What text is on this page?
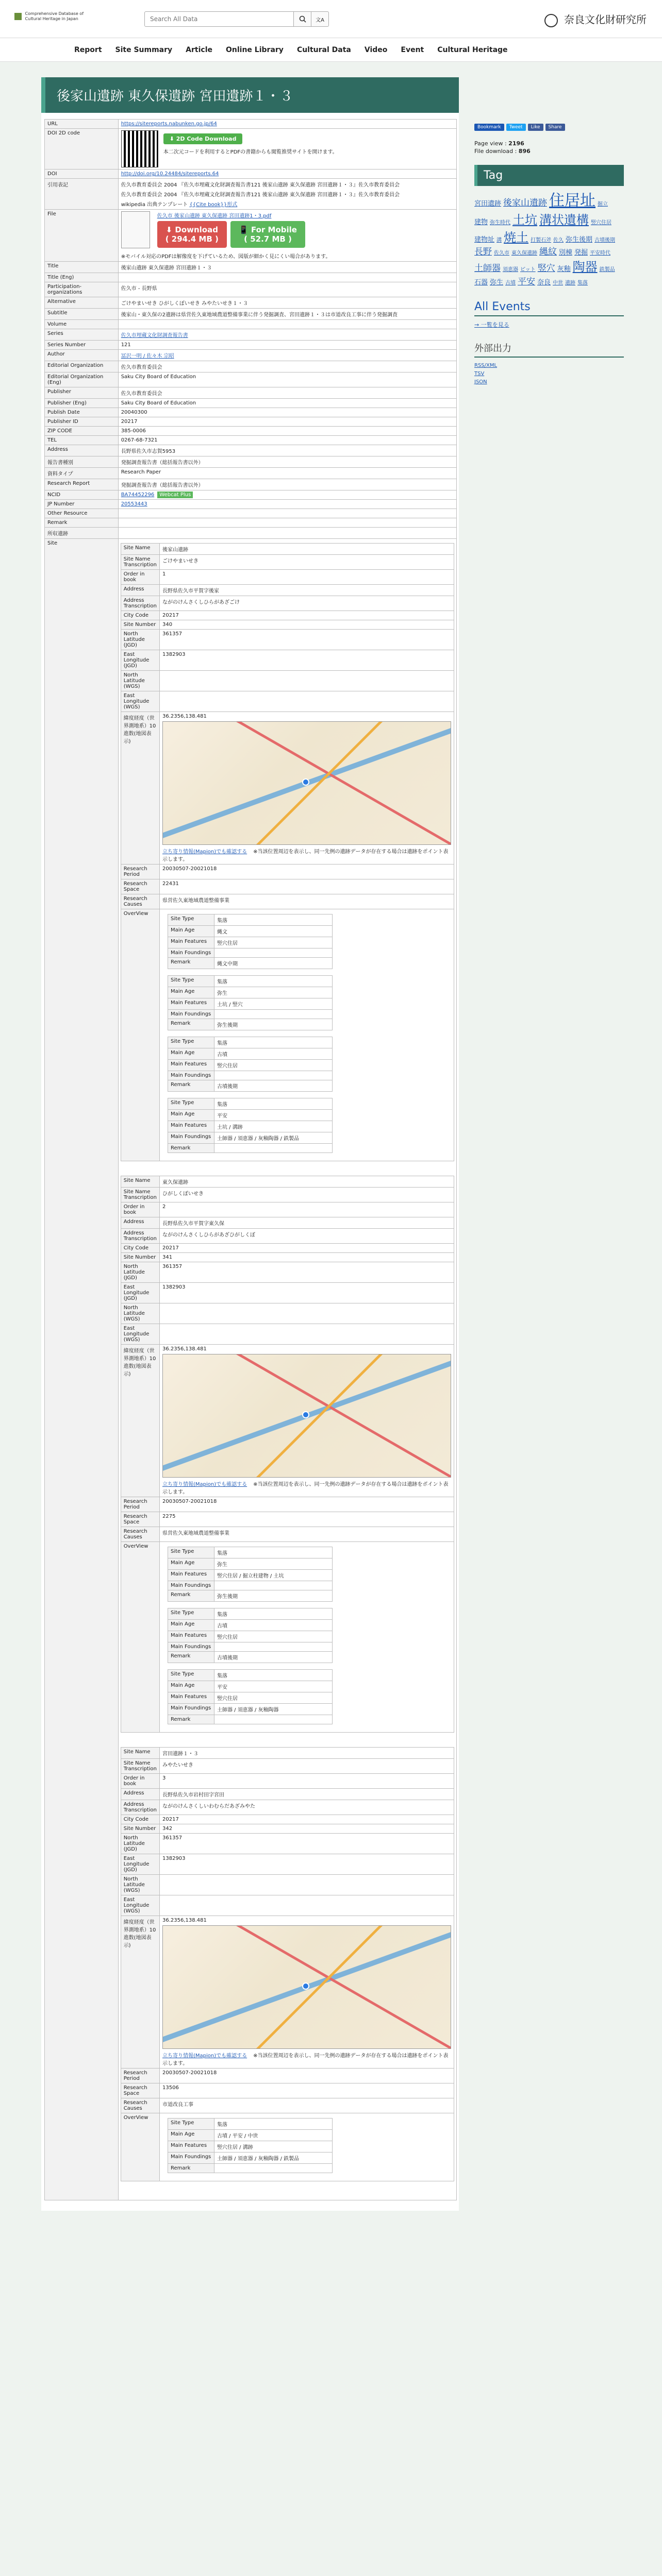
Comprehensive Database of
Cultural Heritage in Japan
Search All Data	文A	奈良文化財研究所
Report Site Summary Article Online Library Cultural Data Video Event Cultural Heritage
後家山遺跡 東久保遺跡 宮田遺跡１・３
URL	https://sitereports.nabunken.go.jp/64
DOI 2D code	
⬇ 2D Code Download
本二次元コードを利用するとPDFの書籍からも閲覧推奨サイトを開けます。

DOI	http://doi.org/10.24484/sitereports.64
引用表記	佐久市教育委員会 2004 『佐久市埋蔵文化財調査報告書121 後家山遺跡 東久保遺跡 宮田遺跡１・３』佐久市教育委員会
佐久市教育委員会 2004 『佐久市埋蔵文化財調査報告書121 後家山遺跡 東久保遺跡 宮田遺跡１・３』佐久市教育委員会
wikipedia 出典テンプレート {{Cite book}}形式

File	佐久市 後家山遺跡 東久保遺跡 宮田遺跡1・3.pdf
⬇ Download
( 294.4 MB ) 📱 For Mobile
( 52.7 MB )
※モバイル対応のPDFは解像度を下げているため、図版が細かく見にくい場合があります。

Title	後家山遺跡 東久保遺跡 宮田遺跡１・３
Title (Eng)	
Participation-organizations	佐久市 - 長野県
Alternative	ごけやまいせき ひがしくぼいせき みやたいせき１・３
Subtitle	後家山・東久保の2遺跡は県営佐久東地域農道整備事業に伴う発掘調査、宮田遺跡１・３は市道改良工事に伴う発掘調査
Volume	
Series	佐久市埋蔵文化財調査報告書
Series Number	121
Author	冨沢一明 / 佐々木 宗昭
Editorial Organization	佐久市教育委員会
Editorial Organization (Eng)	Saku City Board of Education
Publisher	佐久市教育委員会
Publisher (Eng)	Saku City Board of Education
Publish Date	20040300
Publisher ID	20217
ZIP CODE	385-0006
TEL	0267-68-7321
Address	長野県佐久市志賀5953
報告書種別	発掘調査報告書（総括報告書以外）
資料タイプ	Research Paper
Research Report	発掘調査報告書（総括報告書以外）
NCID	BA74452296 Webcat Plus
JP Number	20553443
Other Resource	
Remark	
所収遺跡	
Site	
Site Name	後家山遺跡
Site Name Transcription	ごけやまいせき
Order in book	1
Address	長野県佐久市平賀字後家
Address Transcription	ながのけんさくしひらがあざごけ
City Code	20217
Site Number	340
North Latitude (JGD)	361357
East Longitude (JGD)	1382903
North Latitude (WGS)	
East Longitude (WGS)	
緯度経度（世界測地系）10進数(地図表示)	36.2356,138.481
立ち寄り情報(Mapion)でも確認する ※当該位置周辺を表示し、同一先例の遺跡データが存在する場合は遺跡をポイント表示します。
Research Period	20030507-20021018
Research Space	22431
Research Causes	県営佐久東地域農道整備事業
OverView	
Site Type	集落
Main Age	縄文
Main Features	竪穴住居
Main Foundings	
Remark	縄文中期
Site Type	集落
Main Age	弥生
Main Features	土坑 / 竪穴
Main Foundings	
Remark	弥生後期
Site Type	集落
Main Age	古墳
Main Features	竪穴住居
Main Foundings	
Remark	古墳後期
Site Type	集落
Main Age	平安
Main Features	土坑 / 溝跡
Main Foundings	土師器 / 須恵器 / 灰釉陶器 / 鉄製品
Remark	
Site Name	東久保遺跡
Site Name Transcription	ひがしくぼいせき
Order in book	2
Address	長野県佐久市平賀字東久保
Address Transcription	ながのけんさくしひらがあざひがしくぼ
City Code	20217
Site Number	341
North Latitude (JGD)	361357
East Longitude (JGD)	1382903
North Latitude (WGS)	
East Longitude (WGS)	
緯度経度（世界測地系）10進数(地図表示)	36.2356,138.481
立ち寄り情報(Mapion)でも確認する ※当該位置周辺を表示し、同一先例の遺跡データが存在する場合は遺跡をポイント表示します。
Research Period	20030507-20021018
Research Space	2275
Research Causes	県営佐久東地域農道整備事業
OverView	
Site Type	集落
Main Age	弥生
Main Features	竪穴住居 / 掘立柱建物 / 土坑
Main Foundings	
Remark	弥生後期
Site Type	集落
Main Age	古墳
Main Features	竪穴住居
Main Foundings	
Remark	古墳後期
Site Type	集落
Main Age	平安
Main Features	竪穴住居
Main Foundings	土師器 / 須恵器 / 灰釉陶器
Remark	
Site Name	宮田遺跡１・３
Site Name Transcription	みやたいせき
Order in book	3
Address	長野県佐久市岩村田字宮田
Address Transcription	ながのけんさくしいわむらだあざみやた
City Code	20217
Site Number	342
North Latitude (JGD)	361357
East Longitude (JGD)	1382903
North Latitude (WGS)	
East Longitude (WGS)	
緯度経度（世界測地系）10進数(地図表示)	36.2356,138.481
立ち寄り情報(Mapion)でも確認する ※当該位置周辺を表示し、同一先例の遺跡データが存在する場合は遺跡をポイント表示します。
Research Period	20030507-20021018
Research Space	13506
Research Causes	市道改良工事
OverView	
Site Type	集落
Main Age	古墳 / 平安 / 中世
Main Features	竪穴住居 / 溝跡
Main Foundings	土師器 / 須恵器 / 灰釉陶器 / 鉄製品
Remark	
Bookmark	Tweet	Like	Share
Page view : 2196
File download : 896
Tag
宮田遺跡 後家山遺跡 住居址 掘立建物 弥生時代 土坑 溝状遺構 竪穴住居建物址 溝 焼土 打製石斧 佐久 弥生後期 古墳後期長野 佐久市 東久保遺跡 縄紋 別棟 発掘 平安時代土師器 須恵器 ピット 竪穴 灰釉 陶器 鉄製品石器 弥生 古墳 平安 奈良 中世 遺跡 集落
All Events
→ 一覧を見る
外部出力
RSS/XML
TSV
JSON
